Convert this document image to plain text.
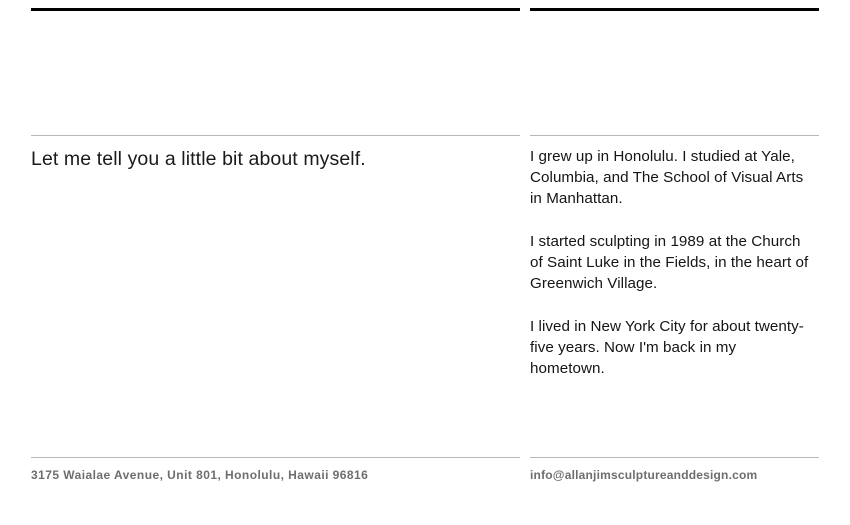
Let me tell you a little bit about myself.
3175 Waialae Avenue, Unit 801, Honolulu, Hawaii 96816

I grew up in Honolulu. I studied at Yale, Columbia, and The School of Visual Arts in Manhattan.

I started sculpting in 1989 at the Church of Saint Luke in the Fields, in the heart of Greenwich Village.

I lived in New York City for about twenty-five years. Now I'm back in my hometown.

info@allanjimsculptureanddesign.com
